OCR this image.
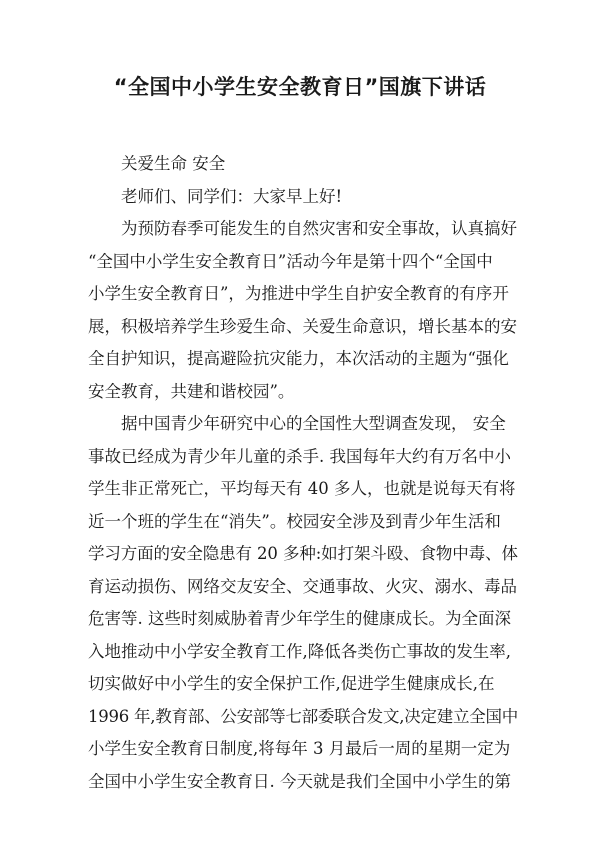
“全国中小学生安全教育日”国旗下讲话

关爱生命 安全

老师们、同学们：大家早上好!

为预防春季可能发生的自然灾害和安全事故，认真搞好

“全国中小学生安全教育日”活动今年是第十四个“全国中

小学生安全教育日”，为推进中学生自护安全教育的有序开

展，积极培养学生珍爱生命、关爱生命意识，增长基本的安

全自护知识，提高避险抗灾能力，本次活动的主题为“强化

安全教育，共建和谐校园”。

据中国青少年研究中心的全国性大型调查发现， 安全

事故已经成为青少年儿童的杀手. 我国每年大约有万名中小

学生非正常死亡，平均每天有 40 多人，也就是说每天有将

近一个班的学生在“消失”。校园安全涉及到青少年生活和

学习方面的安全隐患有 20 多种:如打架斗殴、食物中毒、体

育运动损伤、网络交友安全、交通事故、火灾、溺水、毒品

危害等. 这些时刻威胁着青少年学生的健康成长。为全面深

入地推动中小学安全教育工作,降低各类伤亡事故的发生率,

切实做好中小学生的安全保护工作,促进学生健康成长,在

1996 年,教育部、公安部等七部委联合发文,决定建立全国中

小学生安全教育日制度,将每年 3 月最后一周的星期一定为

全国中小学生安全教育日. 今天就是我们全国中小学生的第
